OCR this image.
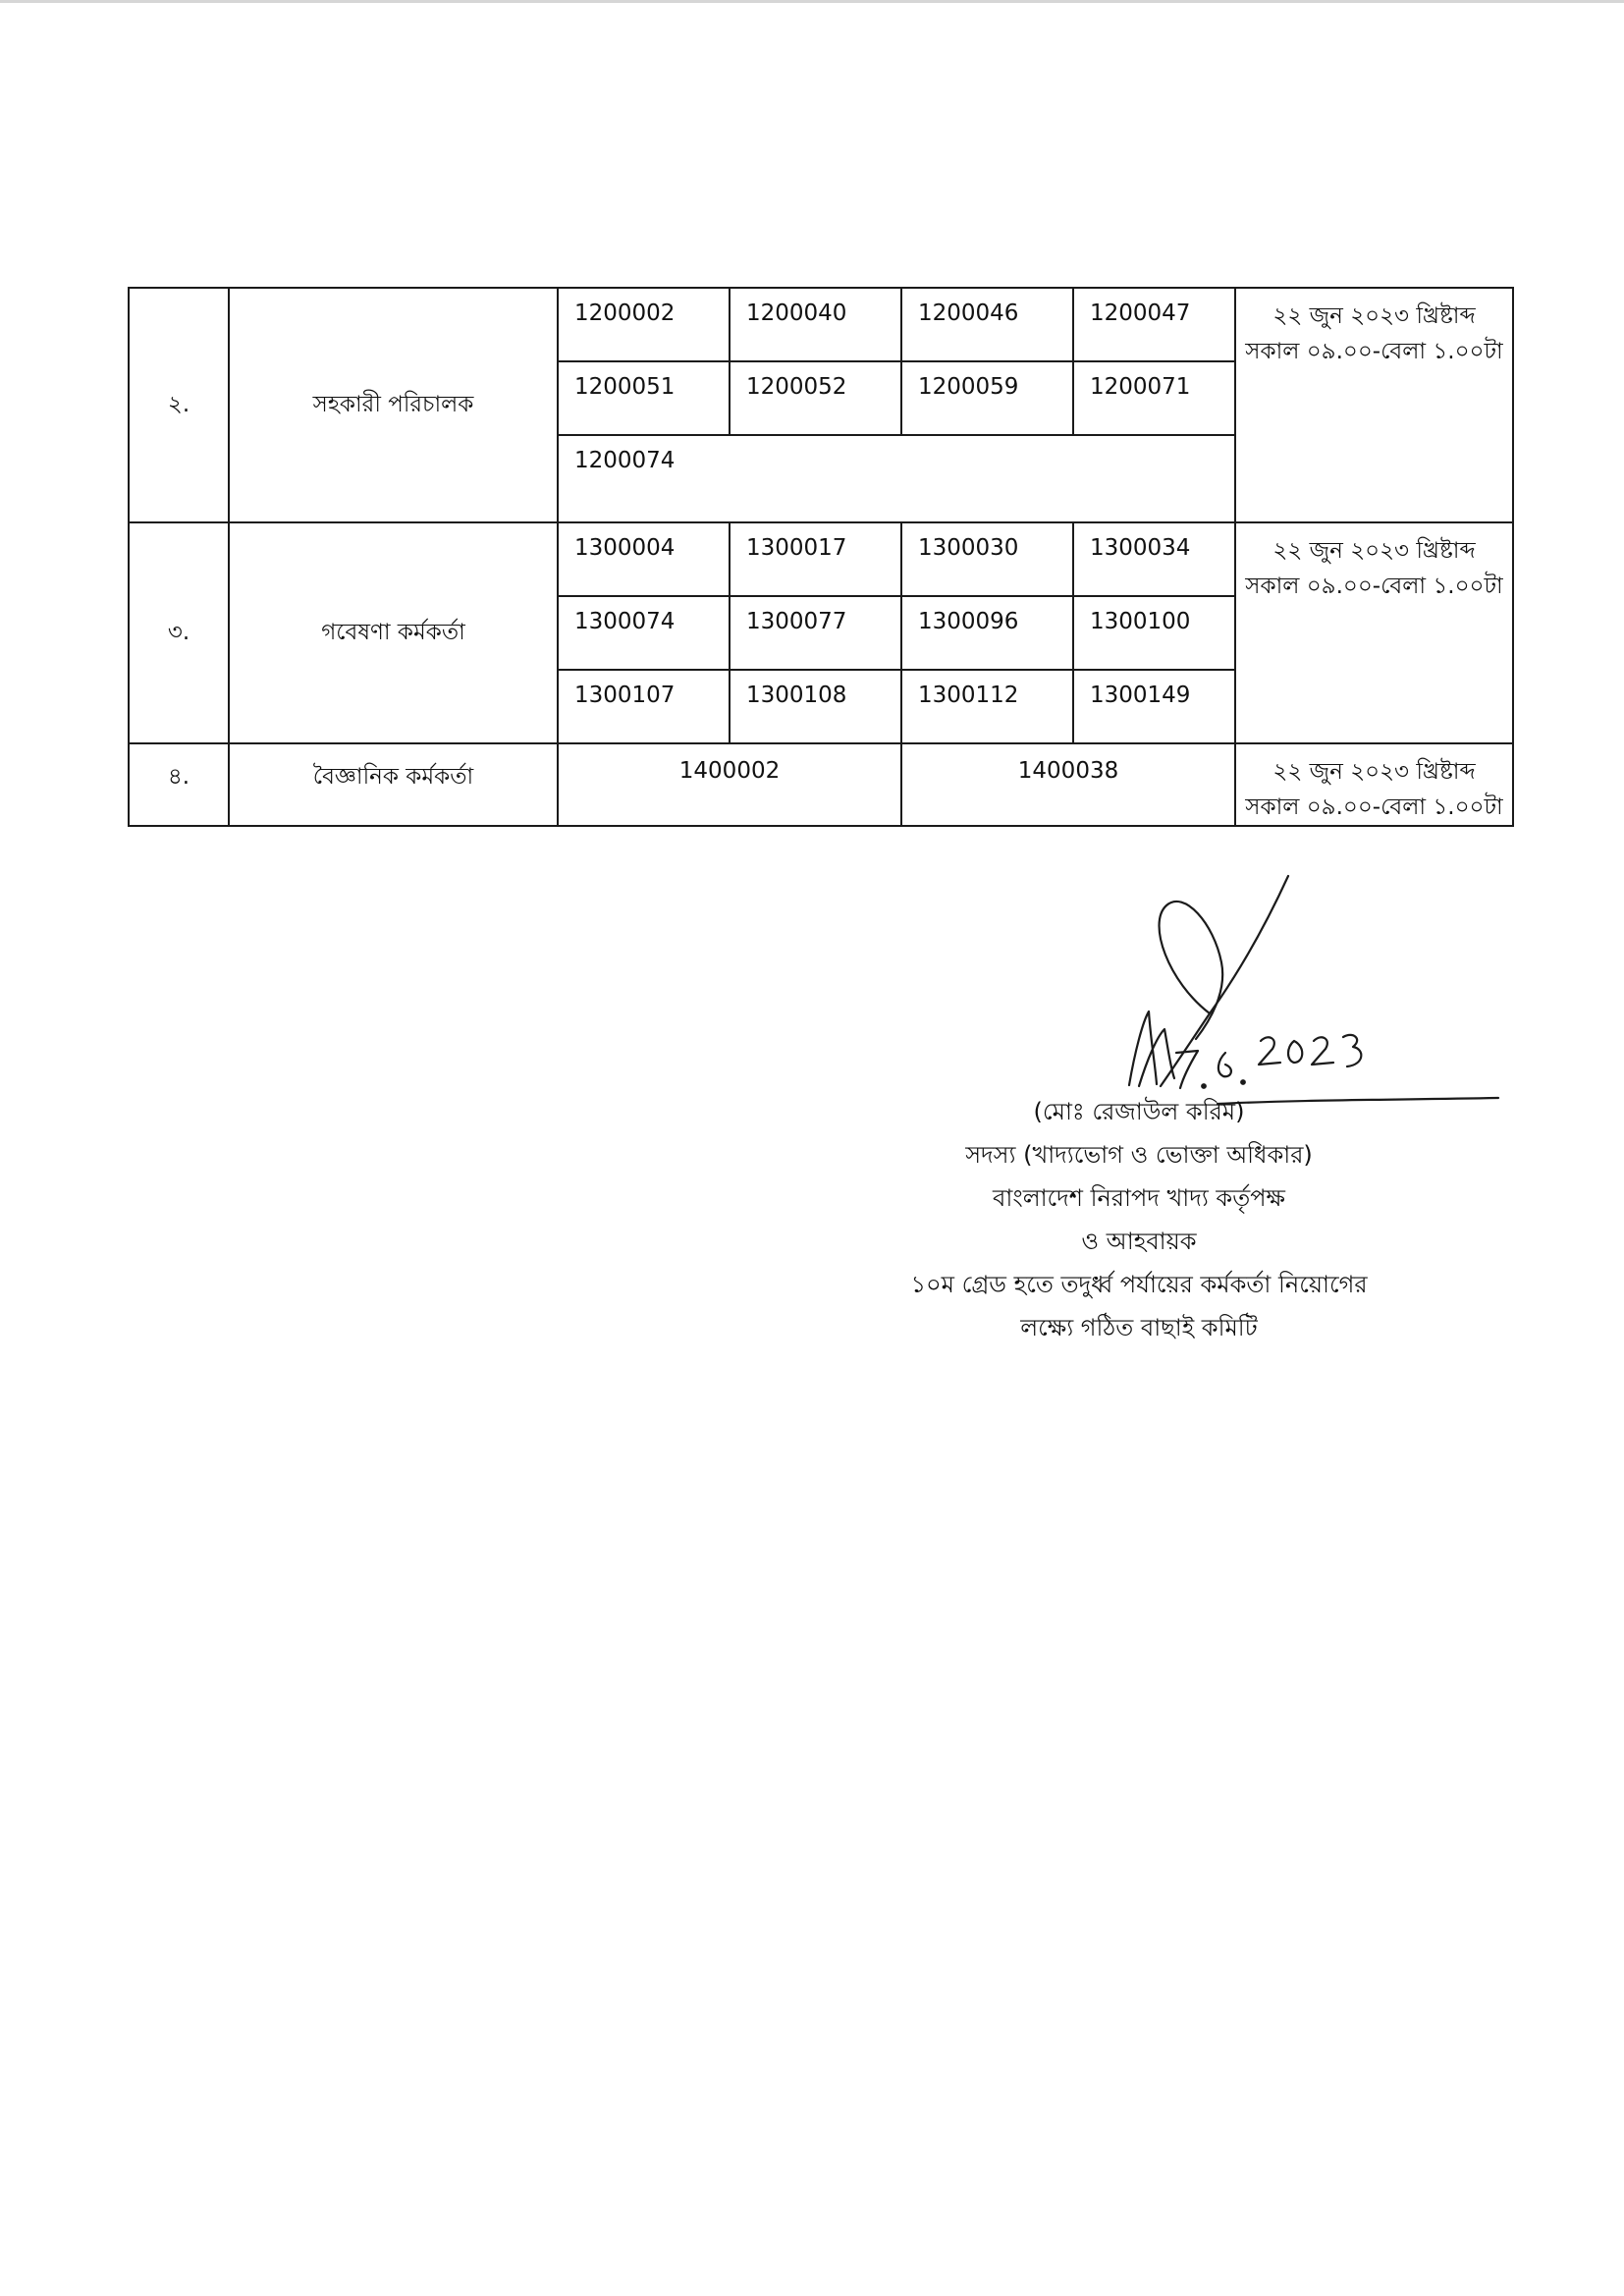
২.	সহকারী পরিচালক	1200002	1200040	1200046	1200047	২২ জুন ২০২৩ খ্রিষ্টাব্দ
সকাল ০৯.০০-বেলা ১.০০টা

		1200051	1200052	1200059	1200071	
		1200074				
৩.	গবেষণা কর্মকর্তা	1300004	1300017	1300030	1300034	২২ জুন ২০২৩ খ্রিষ্টাব্দ
সকাল ০৯.০০-বেলা ১.০০টা

		1300074	1300077	1300096	1300100	
		1300107	1300108	1300112	1300149	
৪.	বৈজ্ঞানিক কর্মকর্তা	1400002		1400038		২২ জুন ২০২৩ খ্রিষ্টাব্দ
সকাল ০৯.০০-বেলা ১.০০টা
(মোঃ রেজাউল করিম)
সদস্য (খাদ্যভোগ ও ভোক্তা অধিকার)
বাংলাদেশ নিরাপদ খাদ্য কর্তৃপক্ষ
ও আহবায়ক
১০ম গ্রেড হতে তদুর্ধ্ব পর্যায়ের কর্মকর্তা নিয়োগের
লক্ষ্যে গঠিত বাছাই কমিটি
